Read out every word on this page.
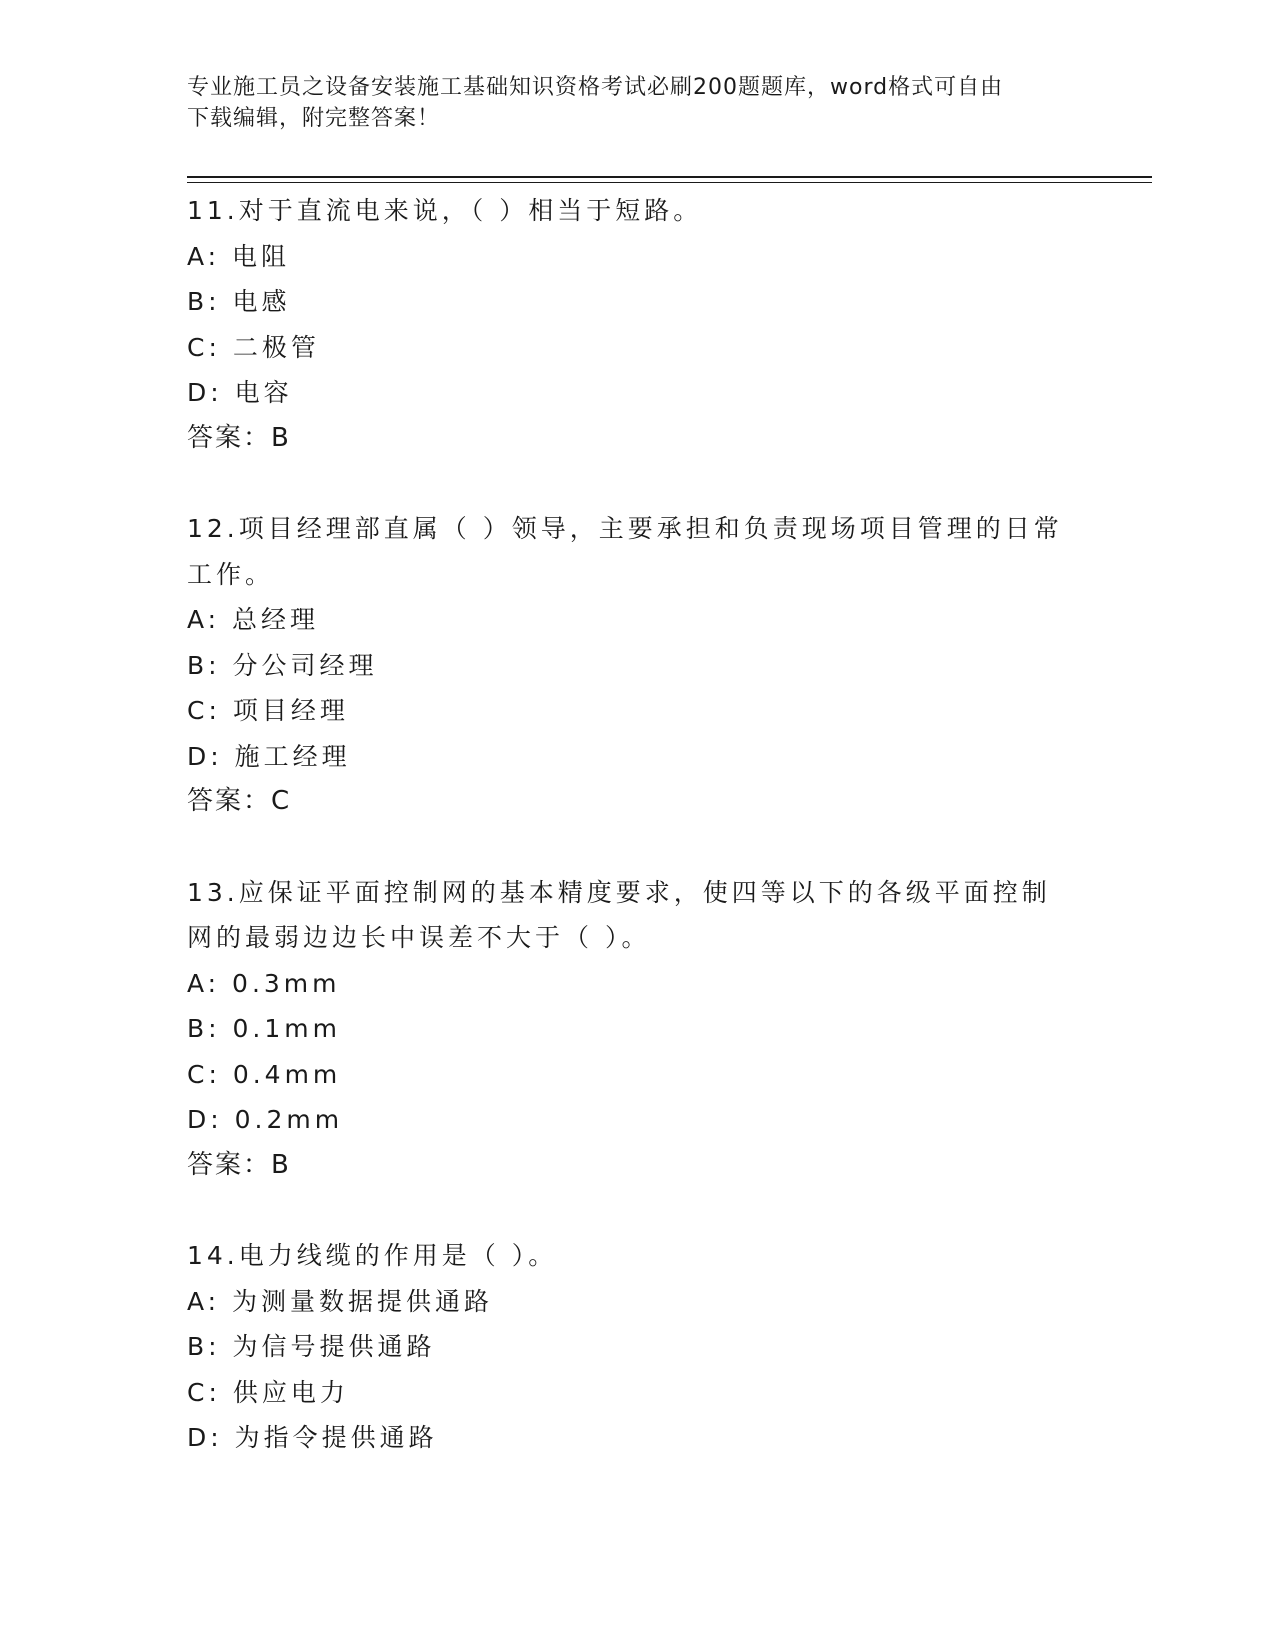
专业施工员之设备安装施工基础知识资格考试必刷200题题库，word格式可自由
下载编辑，附完整答案！
11.对于直流电来说，（ ）相当于短路。
A: 电阻
B: 电感
C: 二极管
D: 电容
答案：B
12.项目经理部直属（ ）领导，主要承担和负责现场项目管理的日常工作。
A: 总经理
B: 分公司经理
C: 项目经理
D: 施工经理
答案：C
13.应保证平面控制网的基本精度要求，使四等以下的各级平面控制网的最弱边边长中误差不大于（ ）。
A: 0.3mm
B: 0.1mm
C: 0.4mm
D: 0.2mm
答案：B
14.电力线缆的作用是（ ）。
A: 为测量数据提供通路
B: 为信号提供通路
C: 供应电力
D: 为指令提供通路
